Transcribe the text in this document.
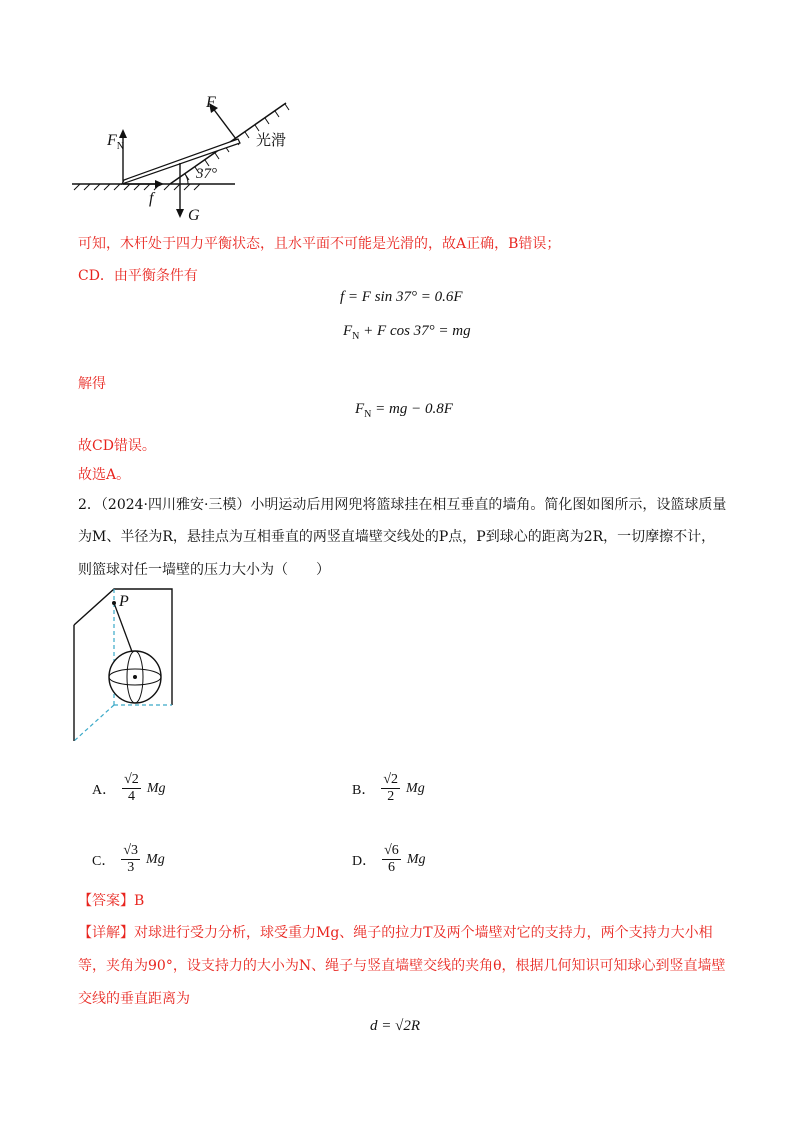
F
$F_N$	光滑
37°
f
G
可知，木杆处于四力平衡状态，且水平面不可能是光滑的，故A正确，B错误；
CD．由平衡条件有
f = F sin 37° = 0.6F
$F_N + F$ cos 37° = mg
解得
$F_N$ = mg − 0.8F
故CD错误。
故选A。
2．（2024·四川雅安·三模）小明运动后用网兜将篮球挂在相互垂直的墙角。简化图如图所示，设篮球质量
为M、半径为R，悬挂点为互相垂直的两竖直墙壁交线处的P点，P到球心的距离为2R，一切摩擦不计，
则篮球对任一墙壁的压力大小为（　　）
P
A． $\frac{√2}{4}$ Mg	B． $\frac{√2}{2}$ Mg
C． $\frac{√3}{3}$ Mg	D． $\frac{√6}{6}$ Mg
【答案】B
【详解】对球进行受力分析，球受重力Mg、绳子的拉力T及两个墙壁对它的支持力，两个支持力大小相
等，夹角为90°，设支持力的大小为N、绳子与竖直墙壁交线的夹角θ，根据几何知识可知球心到竖直墙壁
交线的垂直距离为
d = √2R
